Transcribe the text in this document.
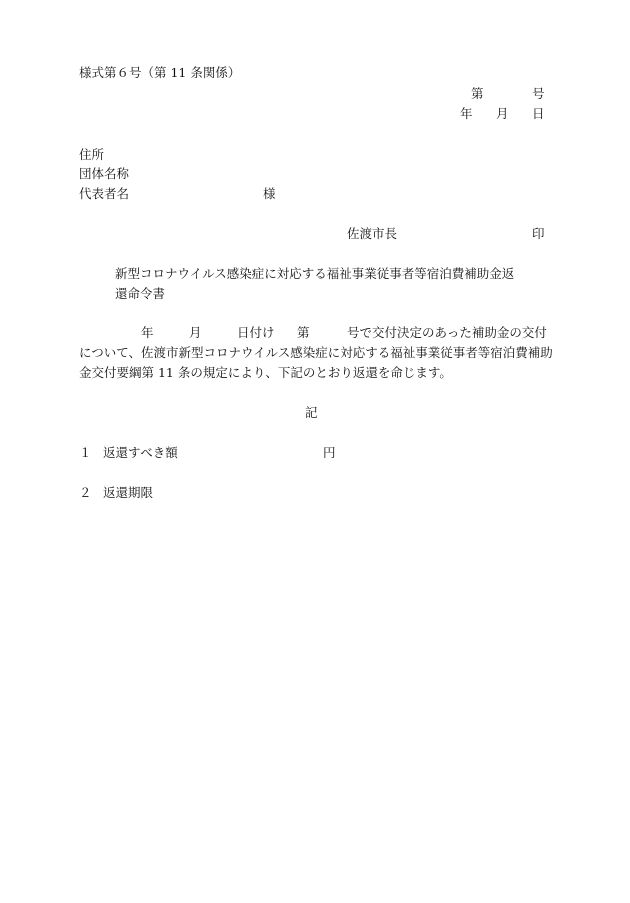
様式第６号（第 11 条関係）
第	号
年 月 日
住所
団体名称
代表者名	様
佐渡市長	印
新型コロナウイルス感染症に対応する福祉事業従事者等宿泊費補助金返
還命令書
年	月	日付け 第	号で交付決定のあった補助金の交付
について、佐渡市新型コロナウイルス感染症に対応する福祉事業従事者等宿泊費補助
金交付要綱第 11 条の規定により、下記のとおり返還を命じます。
記
１ 返還すべき額	円
２ 返還期限
